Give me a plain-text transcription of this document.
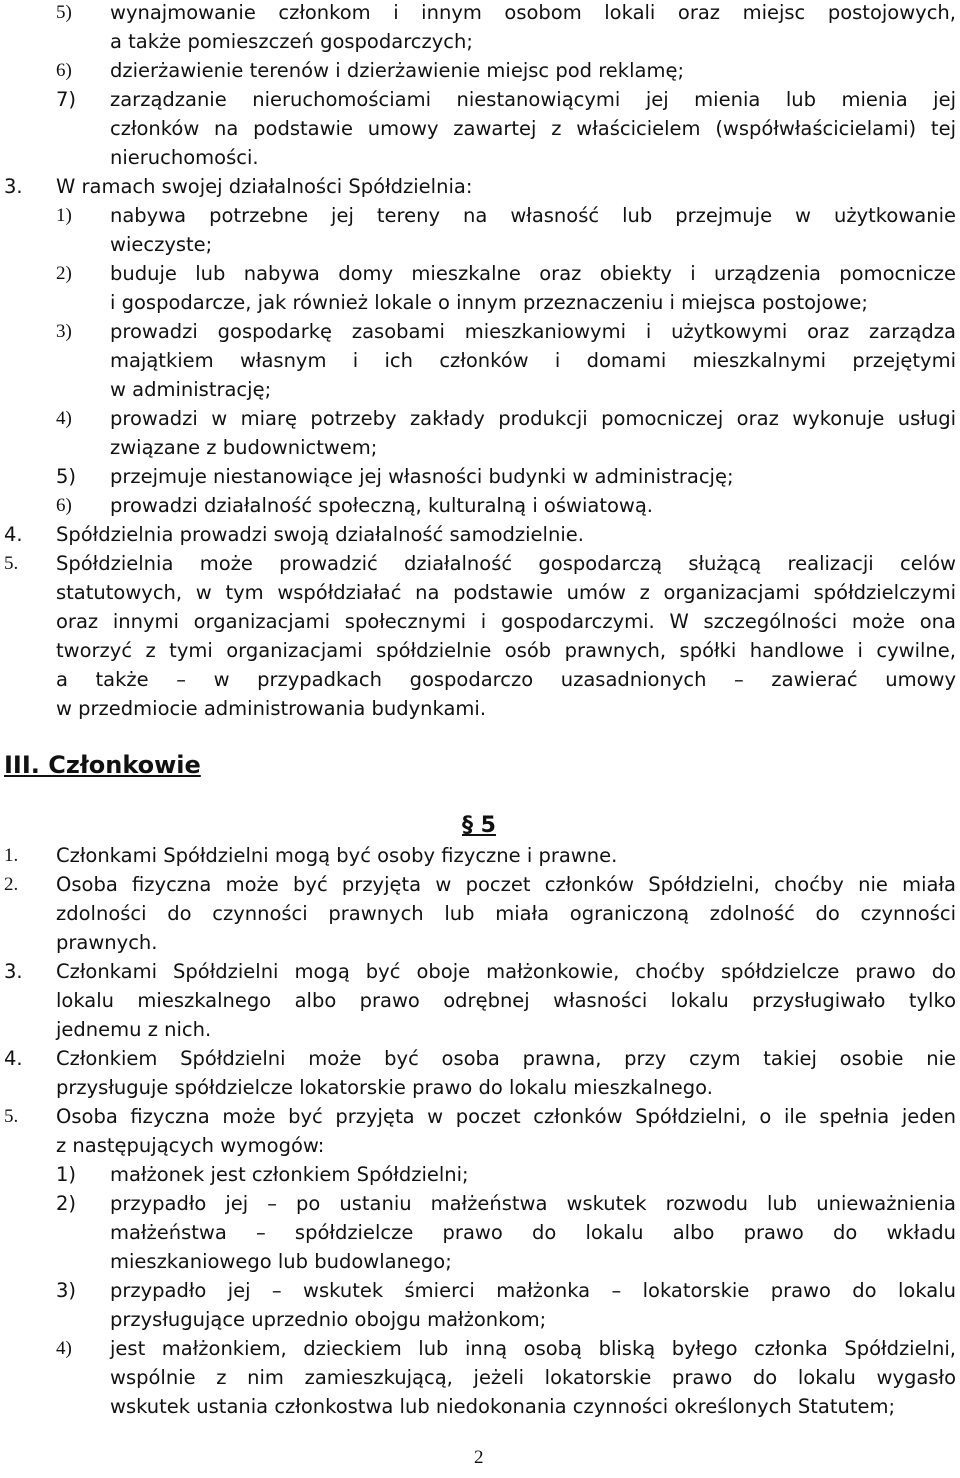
5) wynajmowanie członkom i innym osobom lokali oraz miejsc postojowych,
a także pomieszczeń gospodarczych;
6) dzierżawienie terenów i dzierżawienie miejsc pod reklamę;
7) zarządzanie nieruchomościami niestanowiącymi jej mienia lub mienia jej
członków na podstawie umowy zawartej z właścicielem (współwłaścicielami) tej
nieruchomości.
3. W ramach swojej działalności Spółdzielnia:
1) nabywa potrzebne jej tereny na własność lub przejmuje w użytkowanie
wieczyste;
2) buduje lub nabywa domy mieszkalne oraz obiekty i urządzenia pomocnicze
i gospodarcze, jak również lokale o innym przeznaczeniu i miejsca postojowe;
3) prowadzi gospodarkę zasobami mieszkaniowymi i użytkowymi oraz zarządza
majątkiem własnym i ich członków i domami mieszkalnymi przejętymi
w administrację;
4) prowadzi w miarę potrzeby zakłady produkcji pomocniczej oraz wykonuje usługi
związane z budownictwem;
5) przejmuje niestanowiące jej własności budynki w administrację;
6) prowadzi działalność społeczną, kulturalną i oświatową.
4. Spółdzielnia prowadzi swoją działalność samodzielnie.
5. Spółdzielnia może prowadzić działalność gospodarczą służącą realizacji celów
statutowych, w tym współdziałać na podstawie umów z organizacjami spółdzielczymi
oraz innymi organizacjami społecznymi i gospodarczymi. W szczególności może ona
tworzyć z tymi organizacjami spółdzielnie osób prawnych, spółki handlowe i cywilne,
a także – w przypadkach gospodarczo uzasadnionych – zawierać umowy
w przedmiocie administrowania budynkami.
III. Członkowie
§ 5
1. Członkami Spółdzielni mogą być osoby fizyczne i prawne.
2. Osoba fizyczna może być przyjęta w poczet członków Spółdzielni, choćby nie miała
zdolności do czynności prawnych lub miała ograniczoną zdolność do czynności
prawnych.
3. Członkami Spółdzielni mogą być oboje małżonkowie, choćby spółdzielcze prawo do
lokalu mieszkalnego albo prawo odrębnej własności lokalu przysługiwało tylko
jednemu z nich.
4. Członkiem Spółdzielni może być osoba prawna, przy czym takiej osobie nie
przysługuje spółdzielcze lokatorskie prawo do lokalu mieszkalnego.
5. Osoba fizyczna może być przyjęta w poczet członków Spółdzielni, o ile spełnia jeden
z następujących wymogów:
1) małżonek jest członkiem Spółdzielni;
2) przypadło jej – po ustaniu małżeństwa wskutek rozwodu lub unieważnienia
małżeństwa – spółdzielcze prawo do lokalu albo prawo do wkładu
mieszkaniowego lub budowlanego;
3) przypadło jej – wskutek śmierci małżonka – lokatorskie prawo do lokalu
przysługujące uprzednio obojgu małżonkom;
4) jest małżonkiem, dzieckiem lub inną osobą bliską byłego członka Spółdzielni,
wspólnie z nim zamieszkującą, jeżeli lokatorskie prawo do lokalu wygasło
wskutek ustania członkostwa lub niedokonania czynności określonych Statutem;
2
